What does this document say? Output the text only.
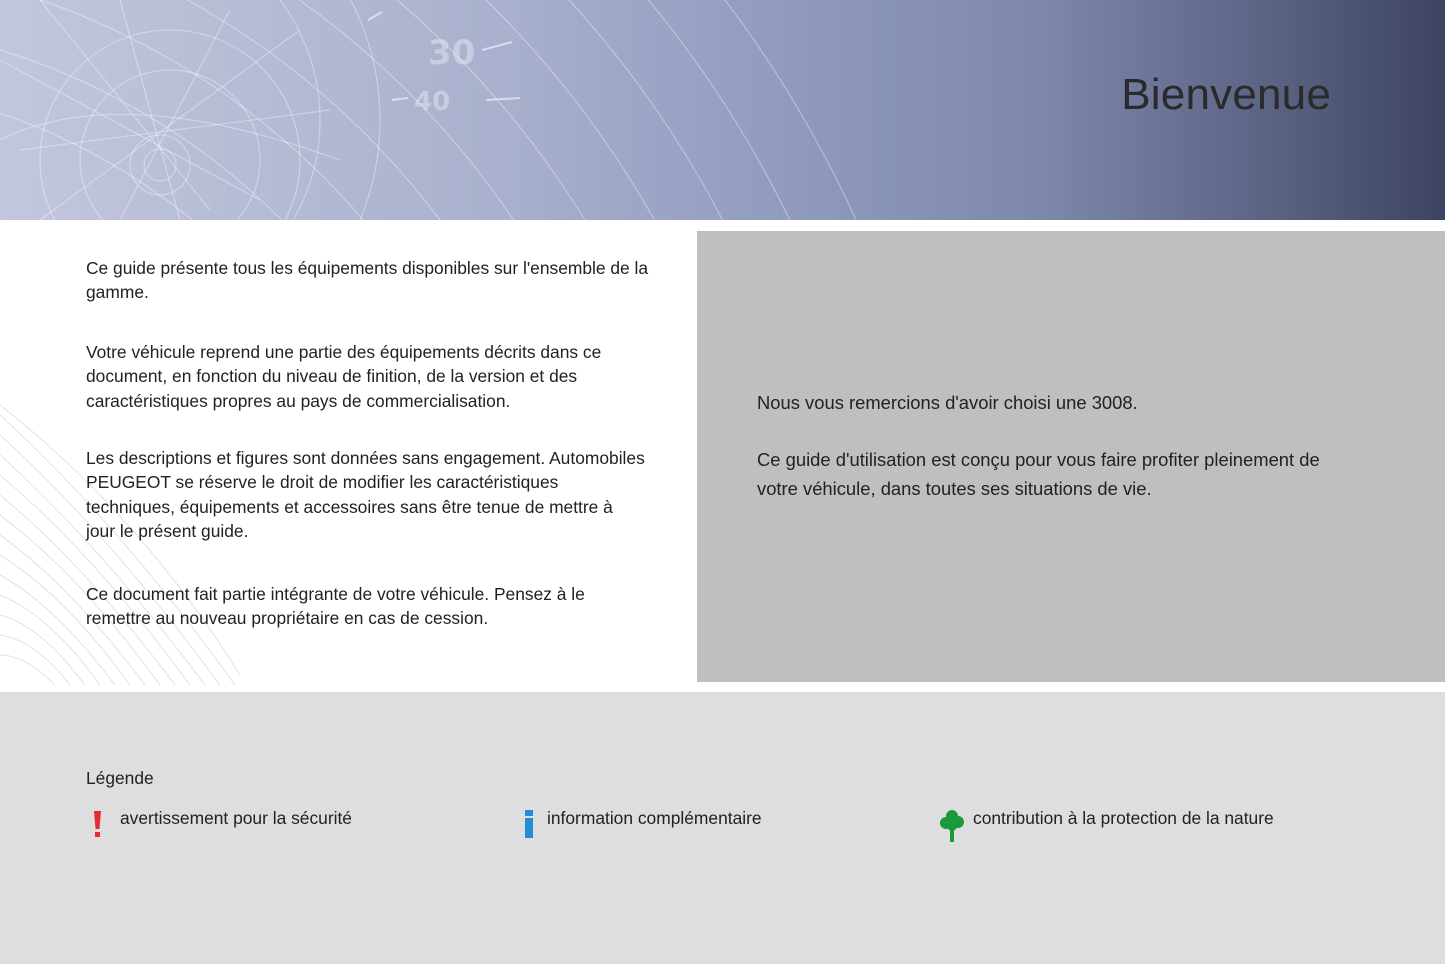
30
40	Bienvenue

Ce guide présente tous les équipements disponibles sur l'ensemble de la gamme.

Votre véhicule reprend une partie des équipements décrits dans ce document, en fonction du niveau de finition, de la version et des caractéristiques propres au pays de commercialisation.

Les descriptions et figures sont données sans engagement. Automobiles PEUGEOT se réserve le droit de modifier les caractéristiques techniques, équipements et accessoires sans être tenue de mettre à jour le présent guide.

Ce document fait partie intégrante de votre véhicule. Pensez à le remettre au nouveau propriétaire en cas de cession.

Nous vous remercions d'avoir choisi une 3008.

Ce guide d'utilisation est conçu pour vous faire profiter pleinement de votre véhicule, dans toutes ses situations de vie.

Légende
avertissement pour la sécurité	information complémentaire	contribution à la protection de la nature
